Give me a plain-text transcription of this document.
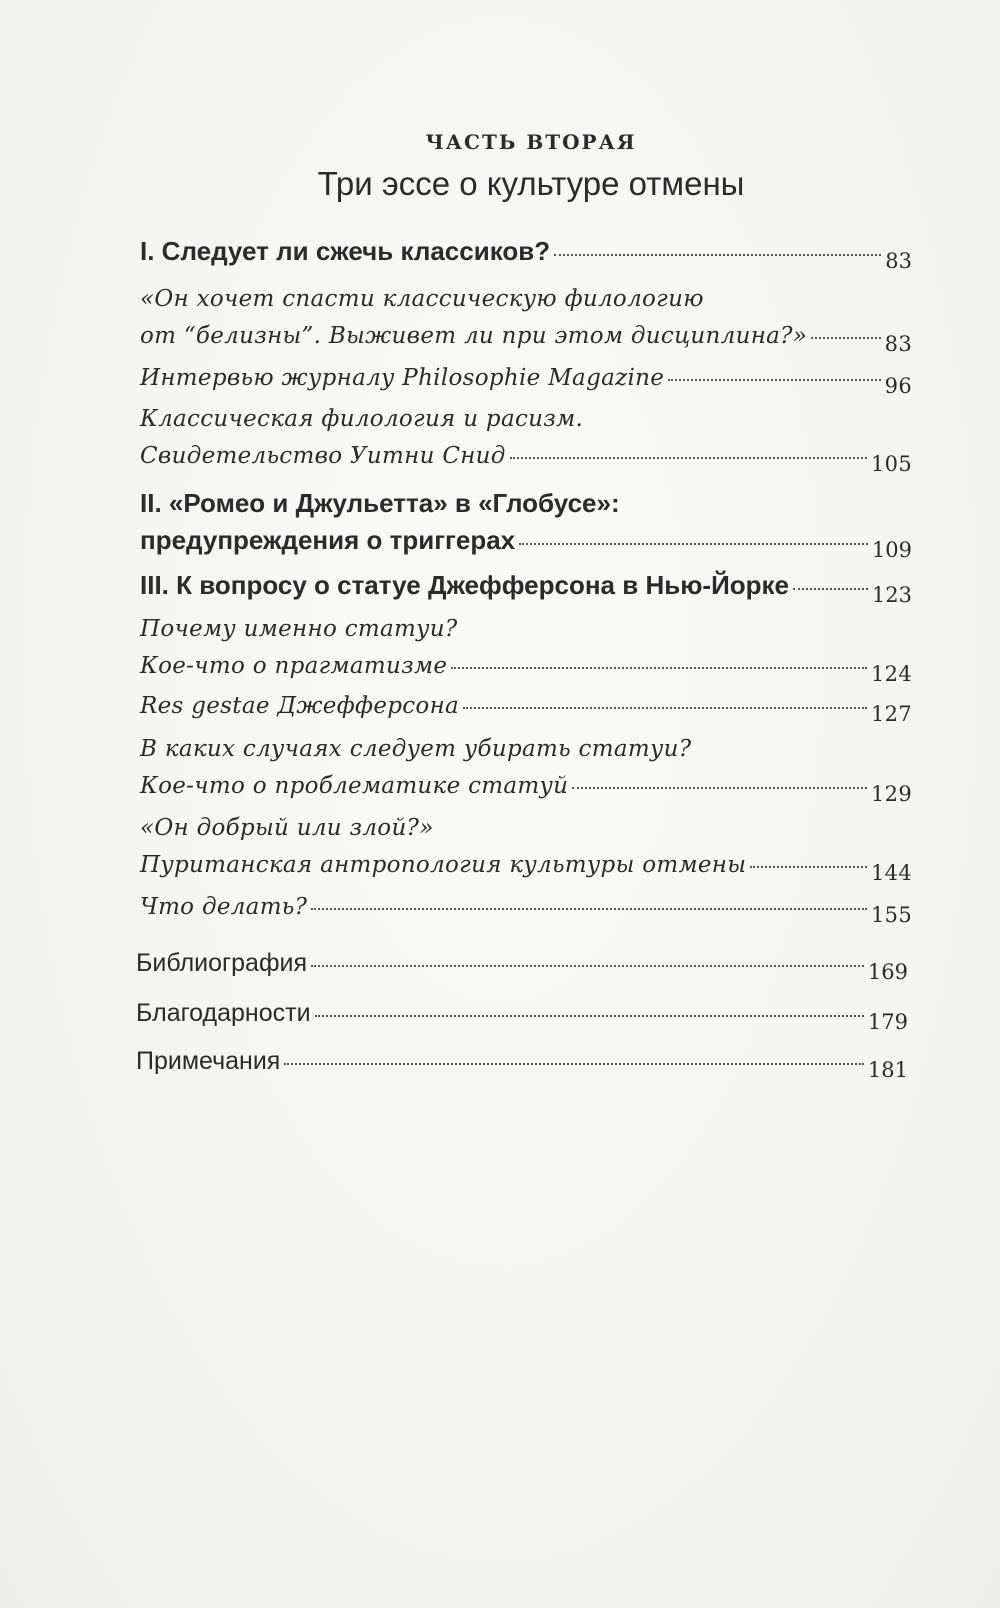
ЧАСТЬ ВТОРАЯ
Три эссе о культуре отмены
I. Следует ли сжечь классиков?	83
«Он хочет спасти классическую филологию
от “белизны”. Выживет ли при этом дисциплина?»	83
Интервью журналу Philosophie Magazine	96
Классическая филология и расизм.
Свидетельство Уитни Снид	105
II. «Ромео и Джульетта» в «Глобусе»:
предупреждения о триггерах	109
III. К вопросу о статуе Джефферсона в Нью-Йорке	123
Почему именно статуи?
Кое-что о прагматизме	124
Res gestae Джефферсона	127
В каких случаях следует убирать статуи?
Кое-что о проблематике статуй	129
«Он добрый или злой?»
Пуританская антропология культуры отмены	144
Что делать?	155
Библиография	169
Благодарности	179
Примечания	181
